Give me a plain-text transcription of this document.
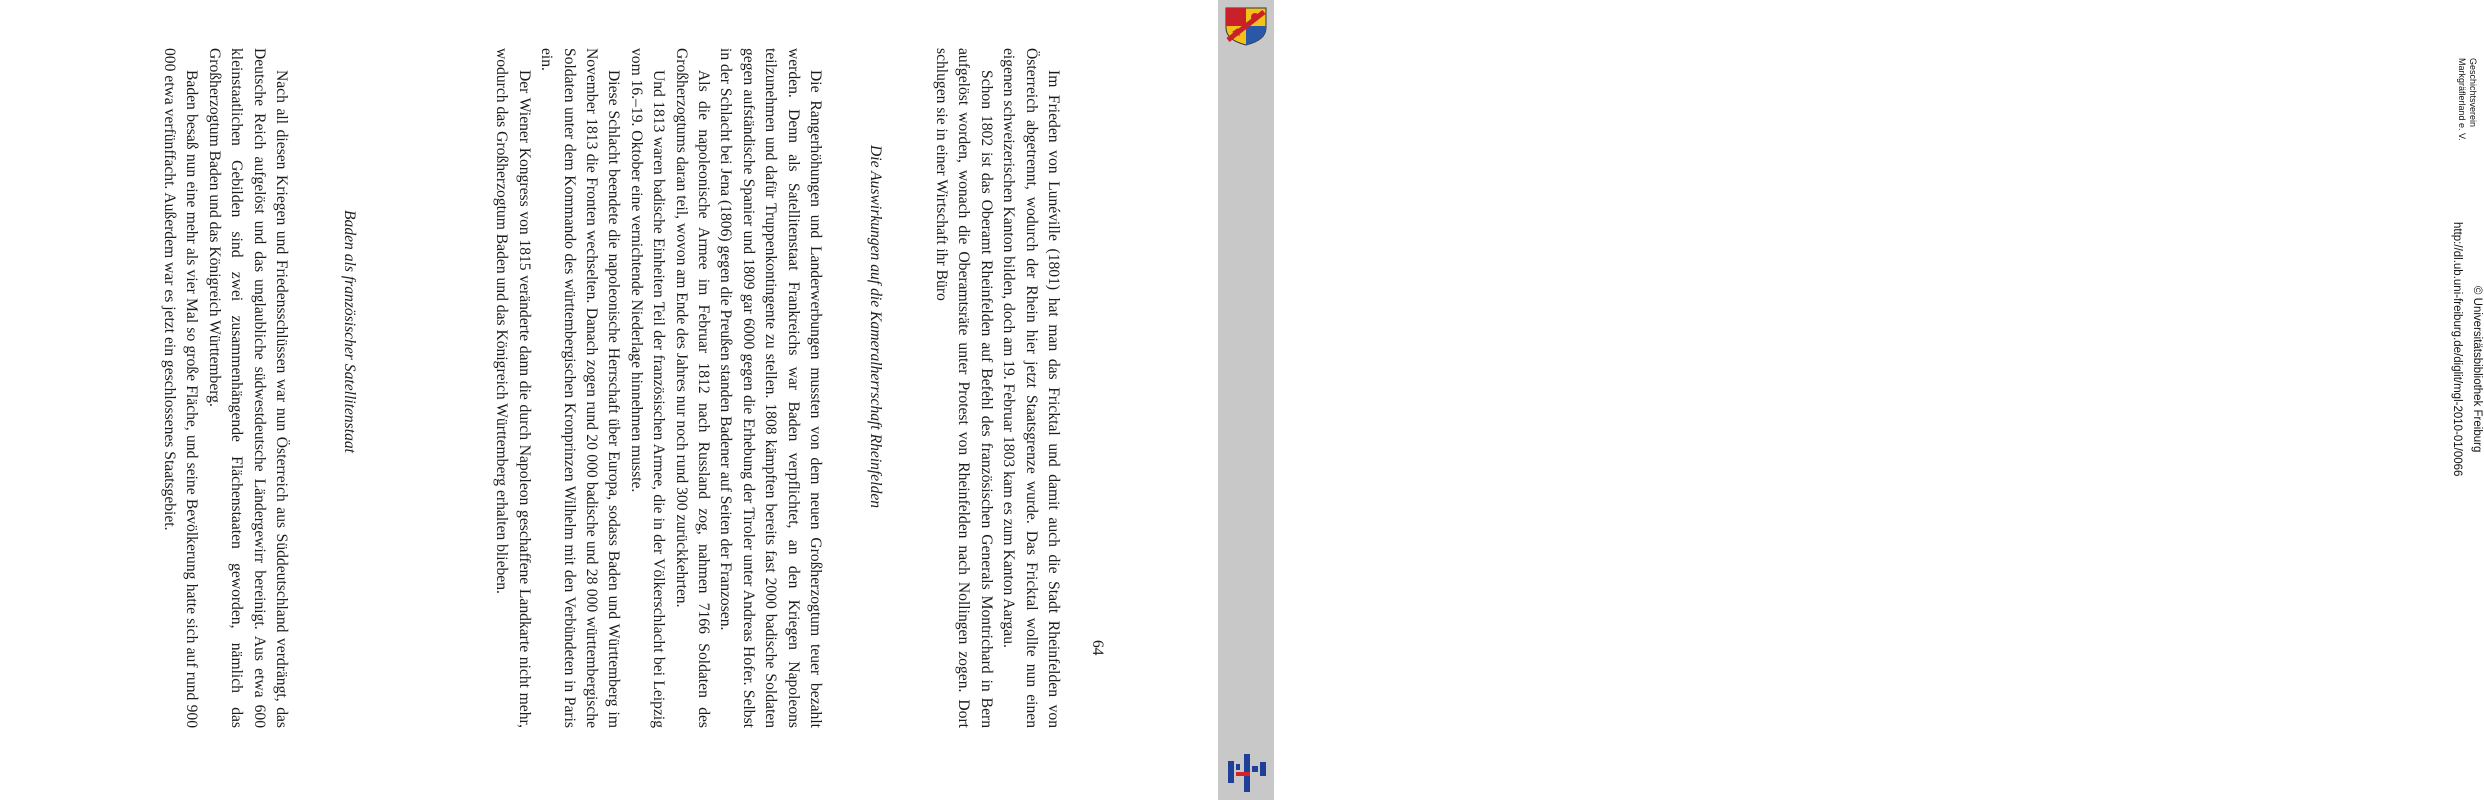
Nach all diesen Kriegen und Friedensschlüssen war nun Österreich aus Süddeutschland verdrängt, das Deutsche Reich aufgelöst und das unglaubliche südwestdeutsche Ländergewirr bereinigt. Aus etwa 600 kleinstaatlichen Gebilden sind zwei zusammenhängende Flächenstaaten geworden, nämlich das Großherzogtum Baden und das Königreich Württemberg.

Baden besaß nun eine mehr als vier Mal so große Fläche, und seine Bevölkerung hatte sich auf rund 900 000 etwa verfünffacht. Außerdem war es jetzt ein geschlossenes Staatsgebiet.	Baden als französischer Satellitenstaat	Die Rangerhöhungen und Landerwerbungen mussten von dem neuen Großherzogtum teuer bezahlt werden. Denn als Satellitenstaat Frankreichs war Baden verpflichtet, an den Kriegen Napoleons teilzunehmen und dafür Truppenkontingente zu stellen. 1808 kämpften bereits fast 2000 badische Soldaten gegen aufständische Spanier und 1809 gar 6000 gegen die Erhebung der Tiroler unter Andreas Hofer. Selbst in der Schlacht bei Jena (1806) gegen die Preußen standen Badener auf Seiten der Franzosen.

Als die napoleonische Armee im Februar 1812 nach Russland zog, nahmen 7166 Soldaten des Großherzogtums daran teil, wovon am Ende des Jahres nur noch rund 300 zurückkehrten.

Und 1813 waren badische Einheiten Teil der französischen Armee, die in der Völkerschlacht bei Leipzig vom 16.–19. Oktober eine vernichtende Niederlage hinnehmen musste.

Diese Schlacht beendete die napoleonische Herrschaft über Europa, sodass Baden und Württemberg im November 1813 die Fronten wechselten. Danach zogen rund 20 000 badische und 28 000 württembergische Soldaten unter dem Kommando des württembergischen Kronprinzen Wilhelm mit den Verbündeten in Paris ein.

Der Wiener Kongress von 1815 veränderte dann die durch Napoleon geschaffene Landkarte nicht mehr, wodurch das Großherzogtum Baden und das Königreich Württemberg erhalten blieben.	Die Auswirkungen auf die Kameralherrschaft Rheinfelden	Im Frieden von Lunéville (1801) hat man das Fricktal und damit auch die Stadt Rheinfelden von Österreich abgetrennt, wodurch der Rhein hier jetzt Staatsgrenze wurde. Das Fricktal wollte nun einen eigenen schweizerischen Kanton bilden, doch am 19. Februar 1803 kam es zum Kanton Aargau.

Schon 1802 ist das Oberamt Rheinfelden auf Befehl des französischen Generals Montrichard in Bern aufgelöst worden, wonach die Oberamtsräte unter Protest von Rheinfelden nach Nollingen zogen. Dort schlugen sie in einer Wirtschaft ihr Büro

64
Geschichtsverein
Markgräflerland e. V.
http://dl.ub.uni-freiburg.de/diglit/mgl-2010-01/0066 © Universitätsbibliothek Freiburg
